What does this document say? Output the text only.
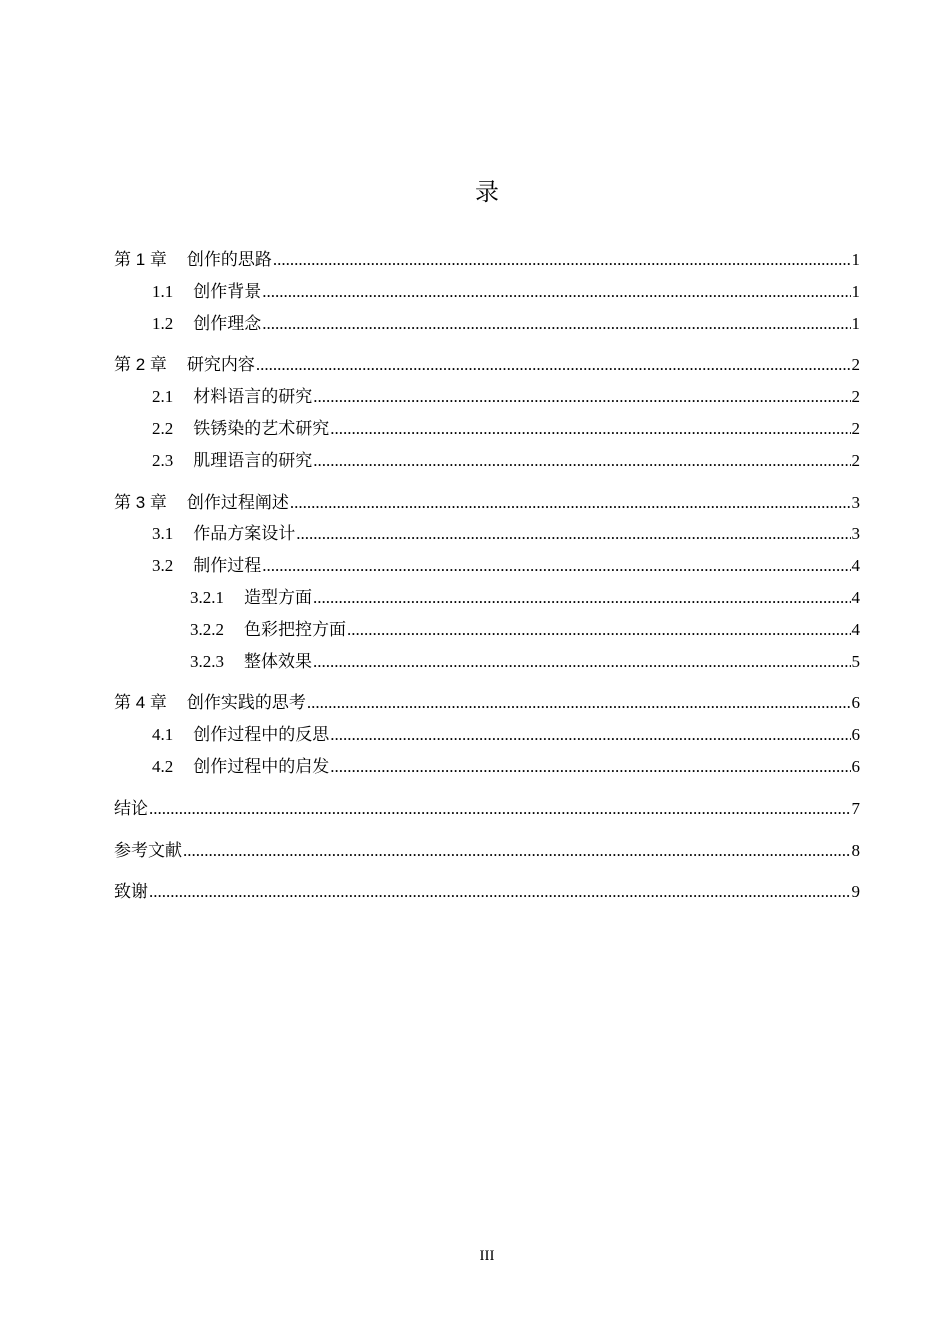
录
第 1 章 创作的思路 .....	1
1.1 创作背景 .....	1
1.2 创作理念 .....	1
第 2 章 研究内容 .....	2
2.1 材料语言的研究 .....	2
2.2 铁锈染的艺术研究 .....	2
2.3 肌理语言的研究 .....	2
第 3 章 创作过程阐述 .....	3
3.1 作品方案设计 .....	3
3.2 制作过程 .....	4
3.2.1 造型方面 .....	4
3.2.2 色彩把控方面 .....	4
3.2.3 整体效果 .....	5
第 4 章 创作实践的思考 .....	6
4.1 创作过程中的反思 .....	6
4.2 创作过程中的启发 .....	6
结论 .....	7
参考文献 .....	8
致谢 .....	9
III
